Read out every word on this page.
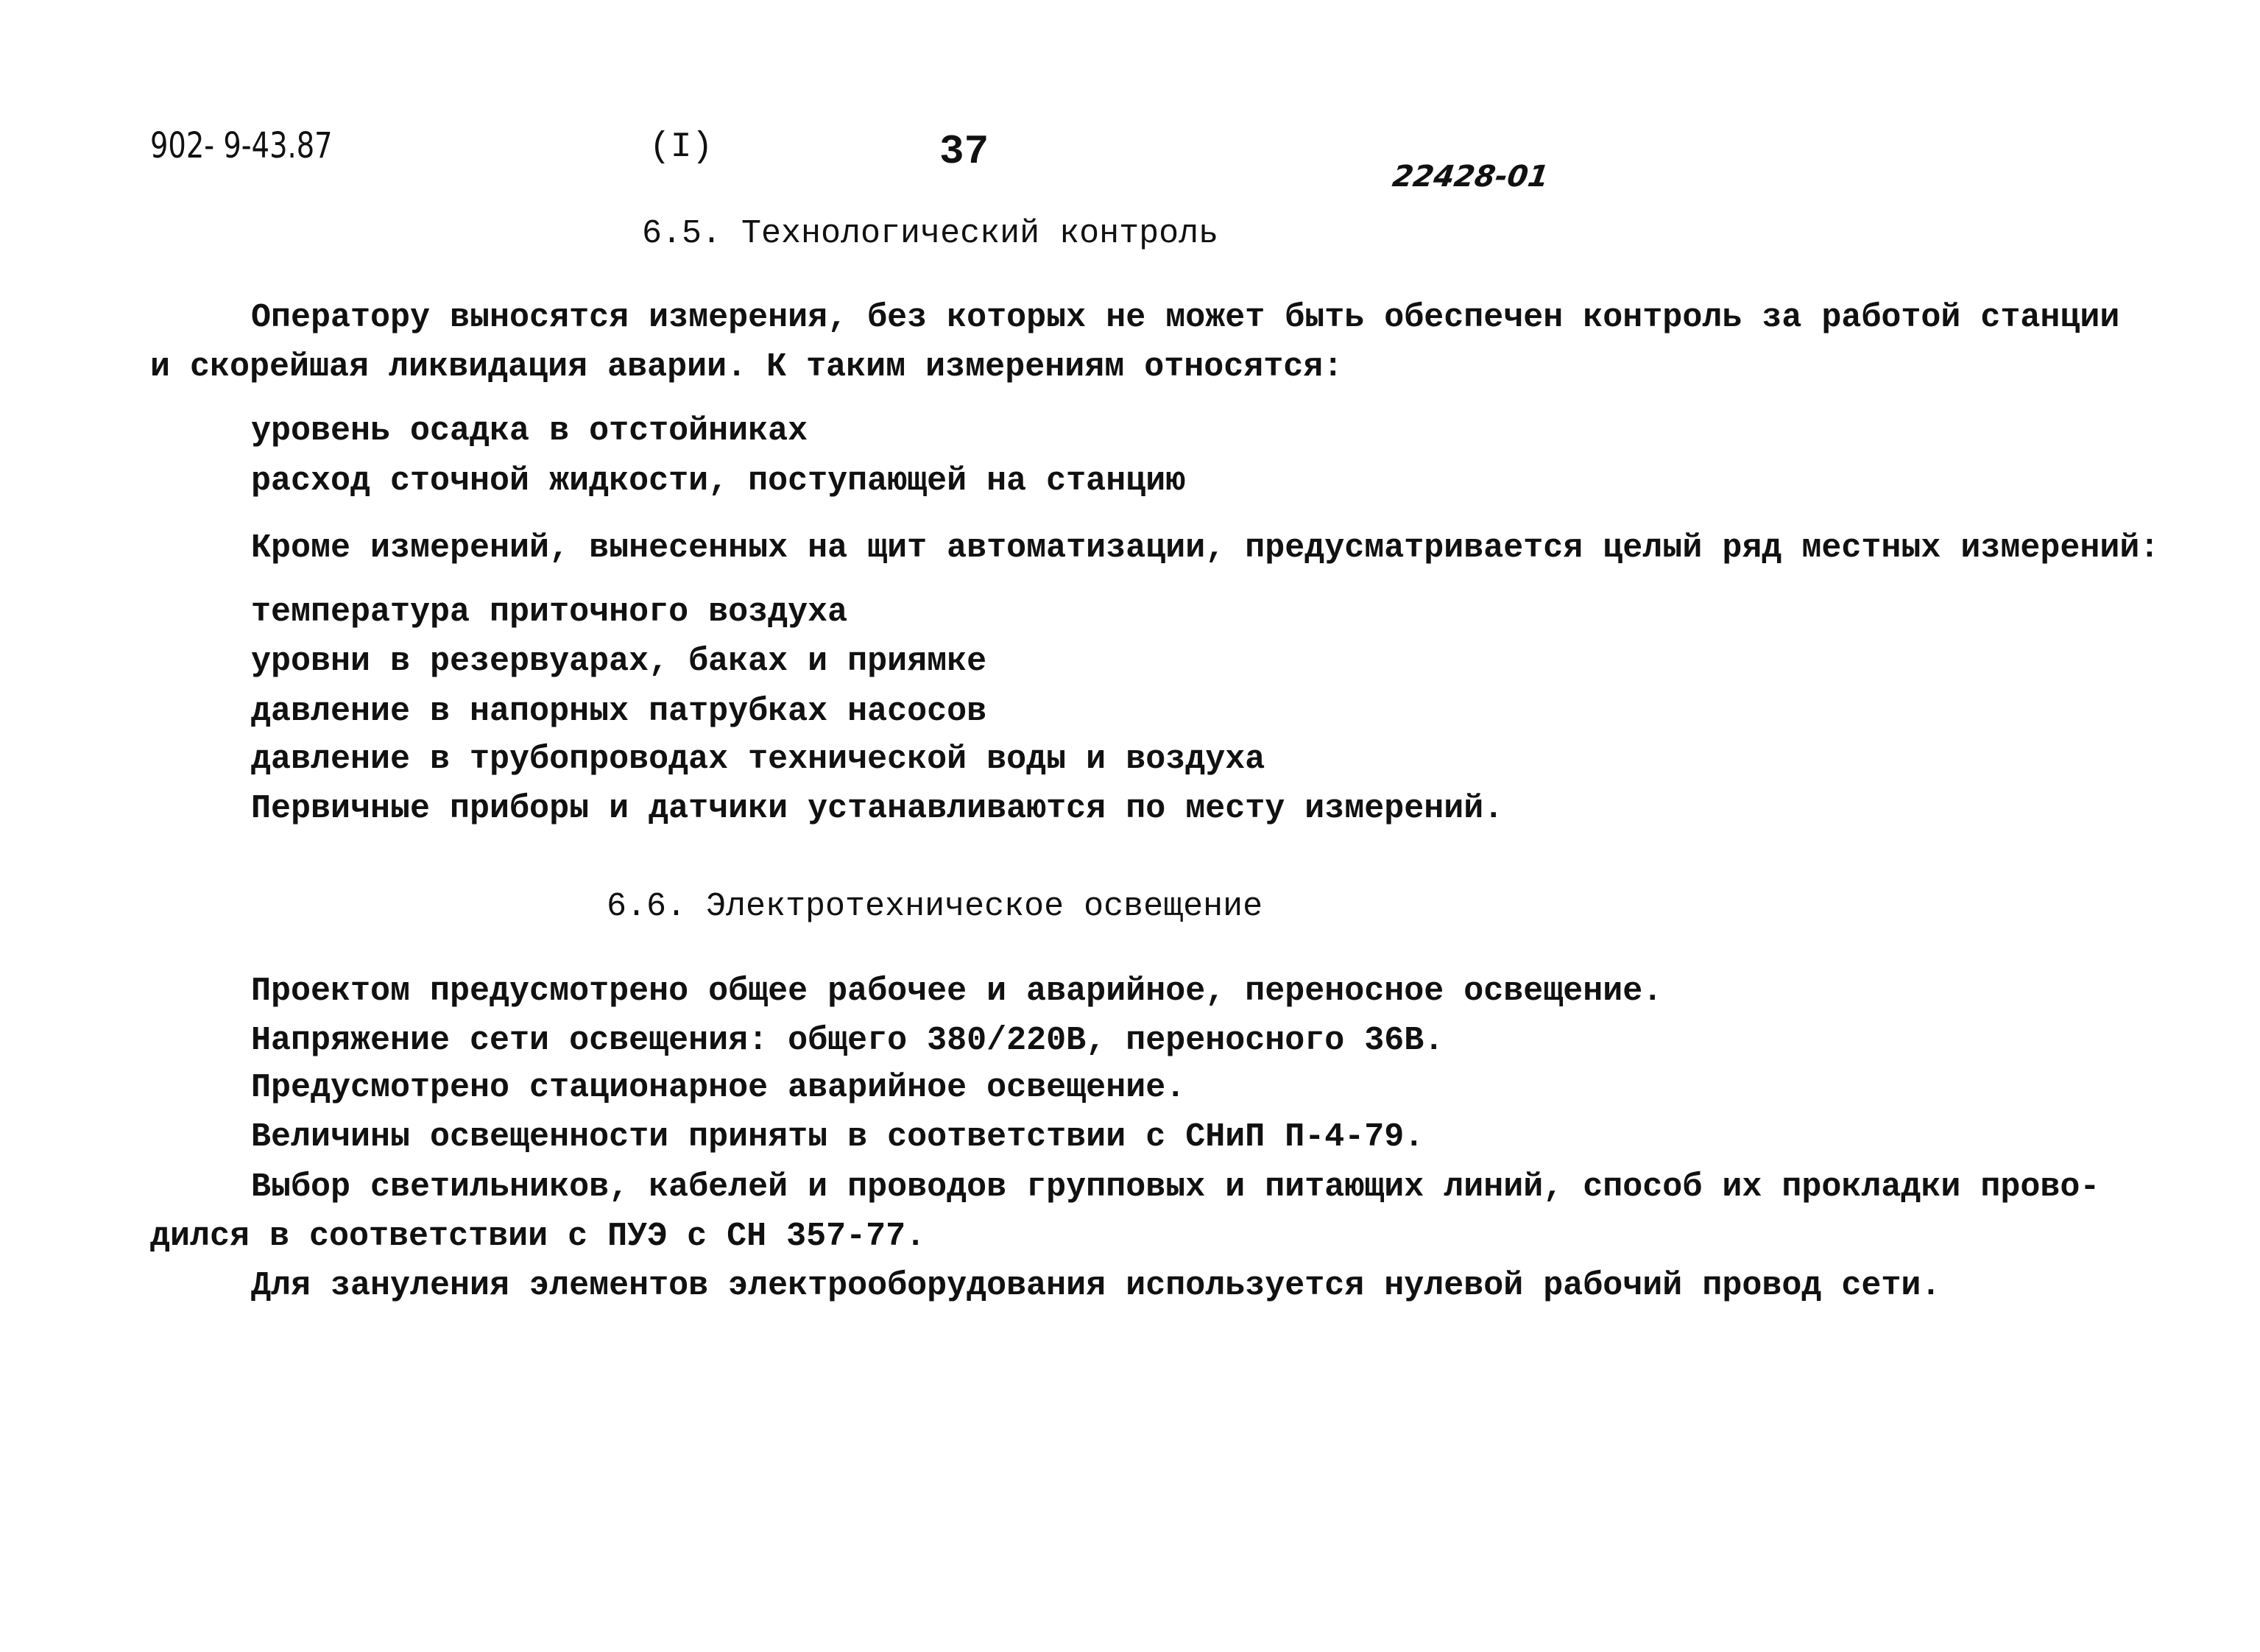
902- 9-43.87	(I)	37
22428-01
6.5. Технологический контроль
Оператору выносятся измерения, без которых не может быть обеспечен контроль за работой станции
и скорейшая ликвидация аварии. К таким измерениям относятся:
уровень осадка в отстойниках
расход сточной жидкости, поступающей на станцию
Кроме измерений, вынесенных на щит автоматизации, предусматривается целый ряд местных измерений:
температура приточного воздуха
уровни в резервуарах, баках и приямке
давление в напорных патрубках насосов
давление в трубопроводах технической воды и воздуха
Первичные приборы и датчики устанавливаются по месту измерений.
6.6. Электротехническое освещение
Проектом предусмотрено общее рабочее и аварийное, переносное освещение.
Напряжение сети освещения: общего 380/220В, переносного 36В.
Предусмотрено стационарное аварийное освещение.
Величины освещенности приняты в соответствии с СНиП П-4-79.
Выбор светильников, кабелей и проводов групповых и питающих линий, способ их прокладки прово-
дился в соответствии с ПУЭ с СН 357-77.
Для зануления элементов электрооборудования используется нулевой рабочий провод сети.
